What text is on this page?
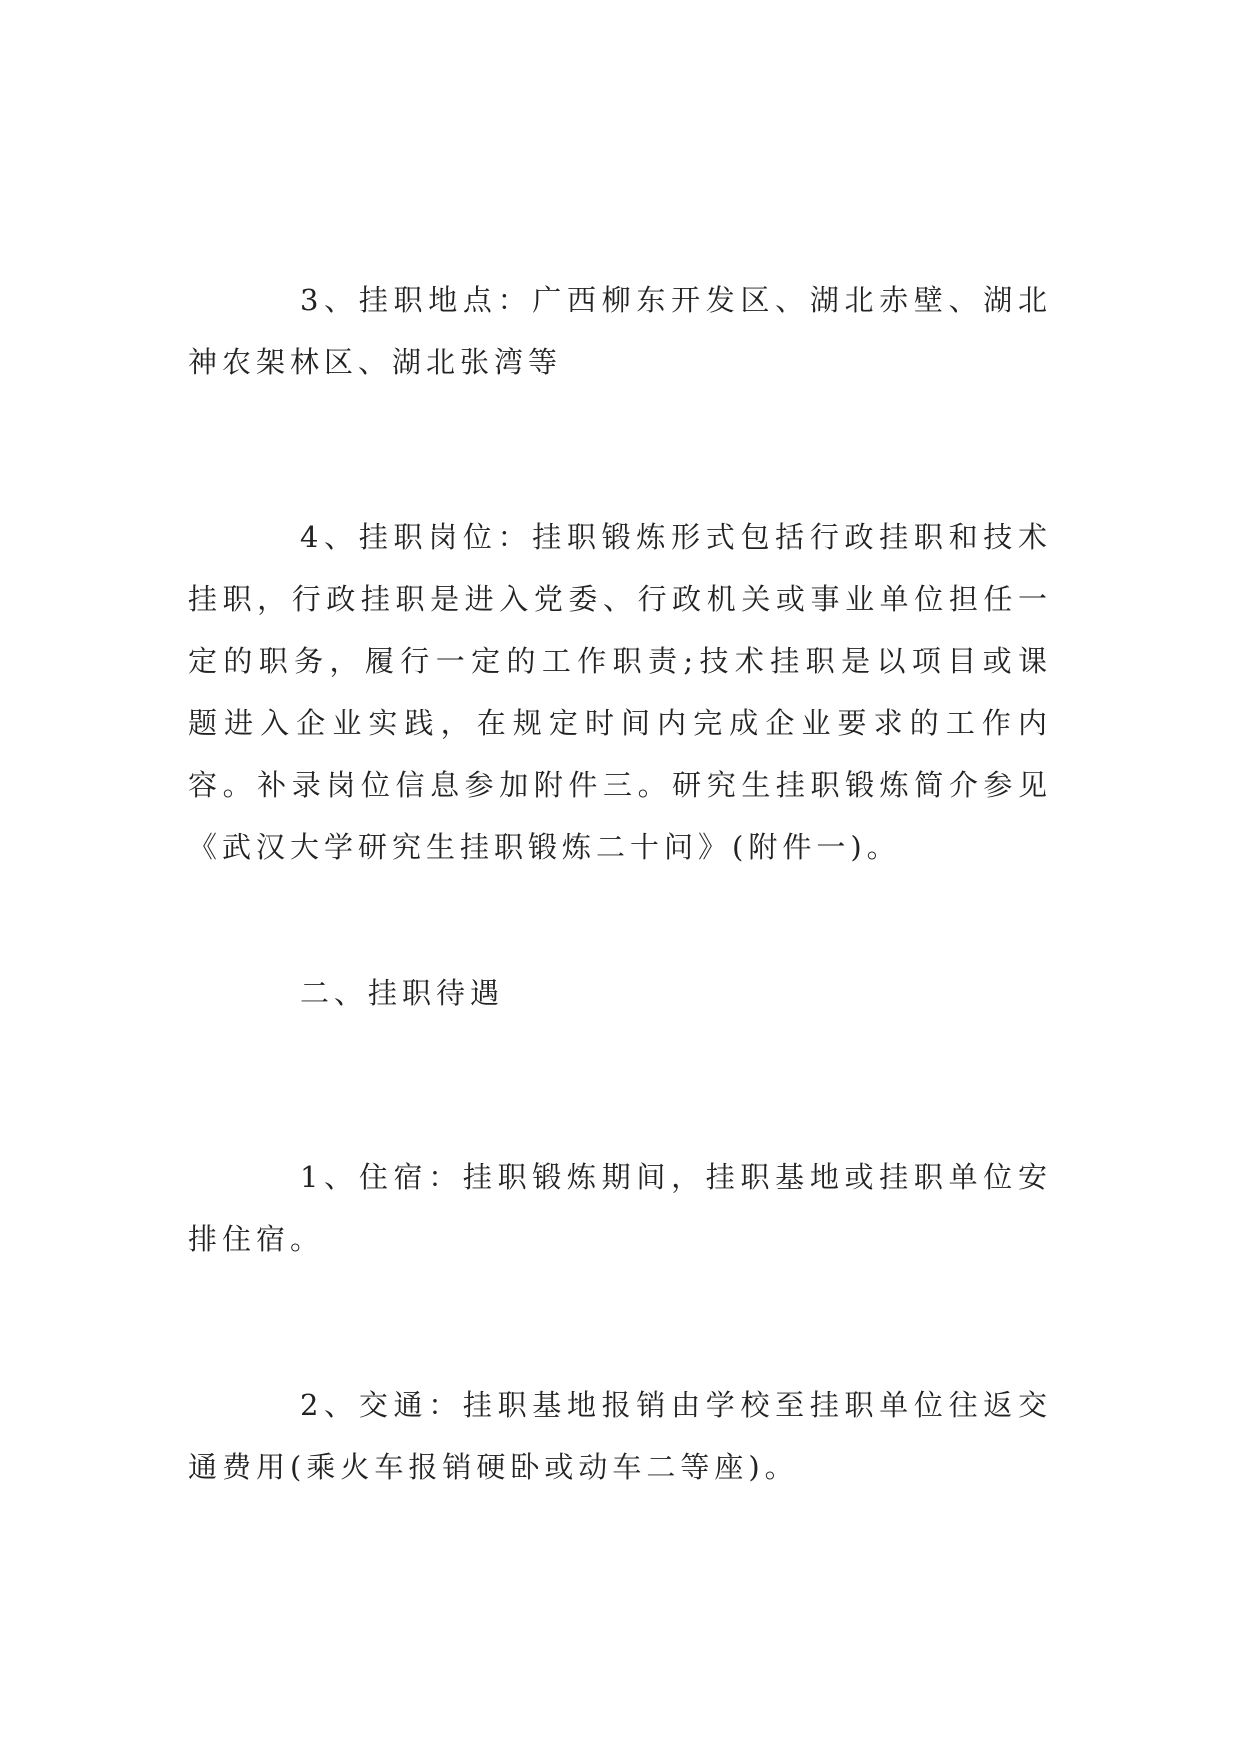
3、挂职地点：广西柳东开发区、湖北赤壁、湖北神农架林区、湖北张湾等

4、挂职岗位：挂职锻炼形式包括行政挂职和技术挂职，行政挂职是进入党委、行政机关或事业单位担任一定的职务，履行一定的工作职责;技术挂职是以项目或课题进入企业实践，在规定时间内完成企业要求的工作内容。补录岗位信息参加附件三。研究生挂职锻炼简介参见《武汉大学研究生挂职锻炼二十问》(附件一)。

二、挂职待遇

1、住宿：挂职锻炼期间，挂职基地或挂职单位安排住宿。

2、交通：挂职基地报销由学校至挂职单位往返交通费用(乘火车报销硬卧或动车二等座)。
